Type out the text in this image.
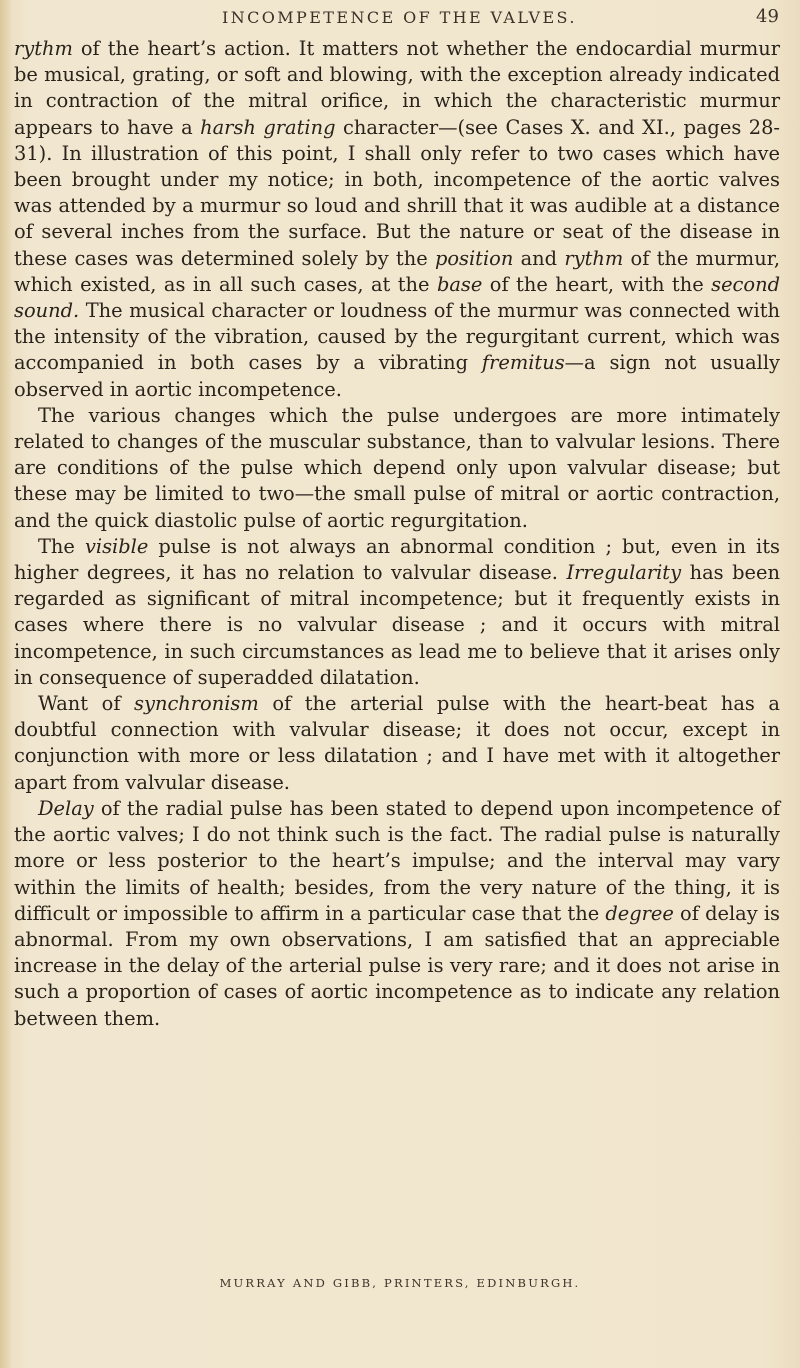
INCOMPETENCE OF THE VALVES.	49

rythm of the heart’s action. It matters not whether the endocardial murmur be musical, grating, or soft and blowing, with the exception already indicated in contraction of the mitral orifice, in which the characteristic murmur appears to have a harsh grating character—(see Cases X. and XI., pages 28-31). In illustration of this point, I shall only refer to two cases which have been brought under my notice; in both, incompetence of the aortic valves was attended by a murmur so loud and shrill that it was audible at a distance of several inches from the surface. But the nature or seat of the disease in these cases was determined solely by the position and rythm of the murmur, which existed, as in all such cases, at the base of the heart, with the second sound. The musical character or loudness of the murmur was connected with the intensity of the vibration, caused by the regurgitant current, which was accompanied in both cases by a vibrating fremitus—a sign not usually observed in aortic incompetence.

The various changes which the pulse undergoes are more intimately related to changes of the muscular substance, than to valvular lesions. There are conditions of the pulse which depend only upon valvular disease; but these may be limited to two—the small pulse of mitral or aortic contraction, and the quick diastolic pulse of aortic regurgitation.

The visible pulse is not always an abnormal condition ; but, even in its higher degrees, it has no relation to valvular disease. Irregularity has been regarded as significant of mitral incompetence; but it frequently exists in cases where there is no valvular disease ; and it occurs with mitral incompetence, in such circumstances as lead me to believe that it arises only in consequence of superadded dilatation.

Want of synchronism of the arterial pulse with the heart-beat has a doubtful connection with valvular disease; it does not occur, except in conjunction with more or less dilatation ; and I have met with it altogether apart from valvular disease.

Delay of the radial pulse has been stated to depend upon incompetence of the aortic valves; I do not think such is the fact. The radial pulse is naturally more or less posterior to the heart’s impulse; and the interval may vary within the limits of health; besides, from the very nature of the thing, it is difficult or impossible to affirm in a particular case that the degree of delay is abnormal. From my own observations, I am satisfied that an appreciable increase in the delay of the arterial pulse is very rare; and it does not arise in such a proportion of cases of aortic incompetence as to indicate any relation between them.

MURRAY AND GIBB, PRINTERS, EDINBURGH.
